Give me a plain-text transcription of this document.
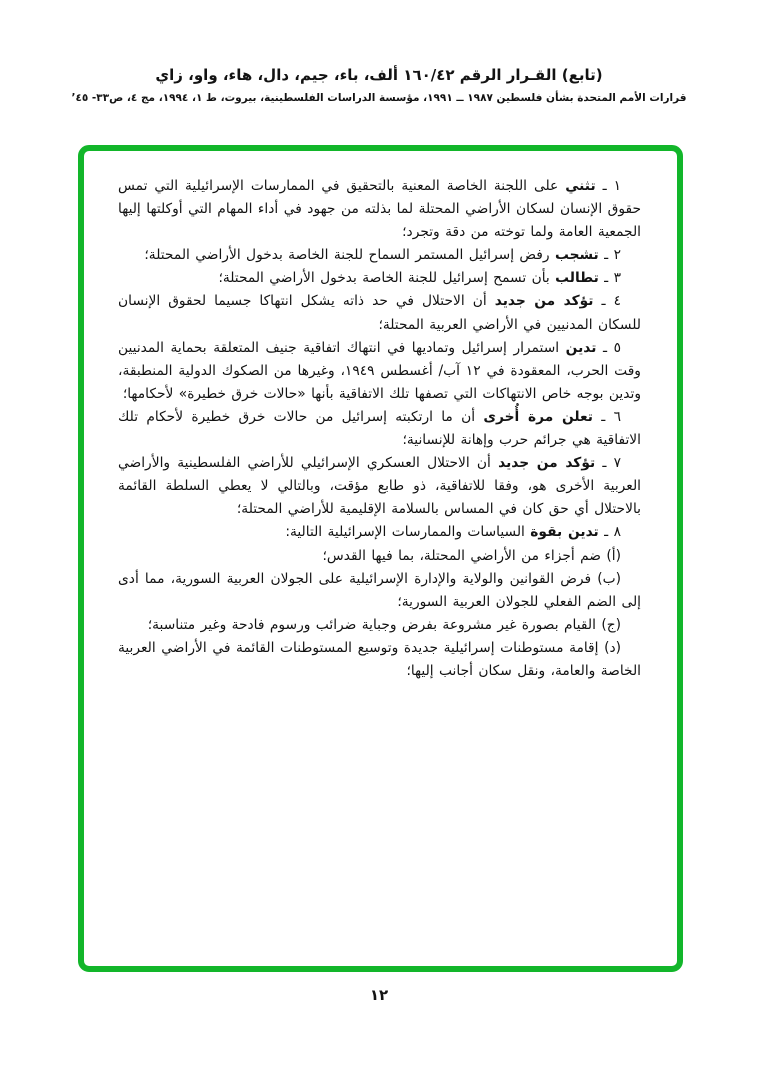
(تابع) القـرار الرقم ١٦٠/٤٢ ألف، باء، جيم، دال، هاء، واو، زاي
قرارات الأمم المتحدة بشأن فلسطين ١٩٨٧ ــ ١٩٩١، مؤسسة الدراسات الفلسطينية، بيروت، ط ١، ١٩٩٤، مج ٤، ص٣٣- ٤٥’

١ ـ تثني على اللجنة الخاصة المعنية بالتحقيق في الممارسات الإسرائيلية التي تمس حقوق الإنسان لسكان الأراضي المحتلة لما بذلته من جهود في أداء المهام التي أوكلتها إليها الجمعية العامة ولما توخته من دقة وتجرد؛

٢ ـ تشجب رفض إسرائيل المستمر السماح للجنة الخاصة بدخول الأراضي المحتلة؛

٣ ـ تطالب بأن تسمح إسرائيل للجنة الخاصة بدخول الأراضي المحتلة؛

٤ ـ تؤكد من جديد أن الاحتلال في حد ذاته يشكل انتهاكا جسيما لحقوق الإنسان للسكان المدنيين في الأراضي العربية المحتلة؛

٥ ـ تدين استمرار إسرائيل وتماديها في انتهاك اتفاقية جنيف المتعلقة بحماية المدنيين وقت الحرب، المعقودة في ١٢ آب/ أغسطس ١٩٤٩، وغيرها من الصكوك الدولية المنطبقة، وتدين بوجه خاص الانتهاكات التي تصفها تلك الاتفاقية بأنها «حالات خرق خطيرة» لأحكامها؛

٦ ـ تعلن مرة أُخرى أن ما ارتكبته إسرائيل من حالات خرق خطيرة لأحكام تلك الاتفاقية هي جرائم حرب وإهانة للإنسانية؛

٧ ـ تؤكد من جديد أن الاحتلال العسكري الإسرائيلي للأراضي الفلسطينية والأراضي العربية الأخرى هو، وفقا للاتفاقية، ذو طابع مؤقت، وبالتالي لا يعطي السلطة القائمة بالاحتلال أي حق كان في المساس بالسلامة الإقليمية للأراضي المحتلة؛

٨ ـ تدين بقوة السياسات والممارسات الإسرائيلية التالية:

(أ) ضم أجزاء من الأراضي المحتلة، بما فيها القدس؛

(ب) فرض القوانين والولاية والإدارة الإسرائيلية على الجولان العربية السورية، مما أدى إلى الضم الفعلي للجولان العربية السورية؛

(ج) القيام بصورة غير مشروعة بفرض وجباية ضرائب ورسوم فادحة وغير متناسبة؛

(د) إقامة مستوطنات إسرائيلية جديدة وتوسيع المستوطنات القائمة في الأراضي العربية الخاصة والعامة، ونقل سكان أجانب إليها؛

١٢
